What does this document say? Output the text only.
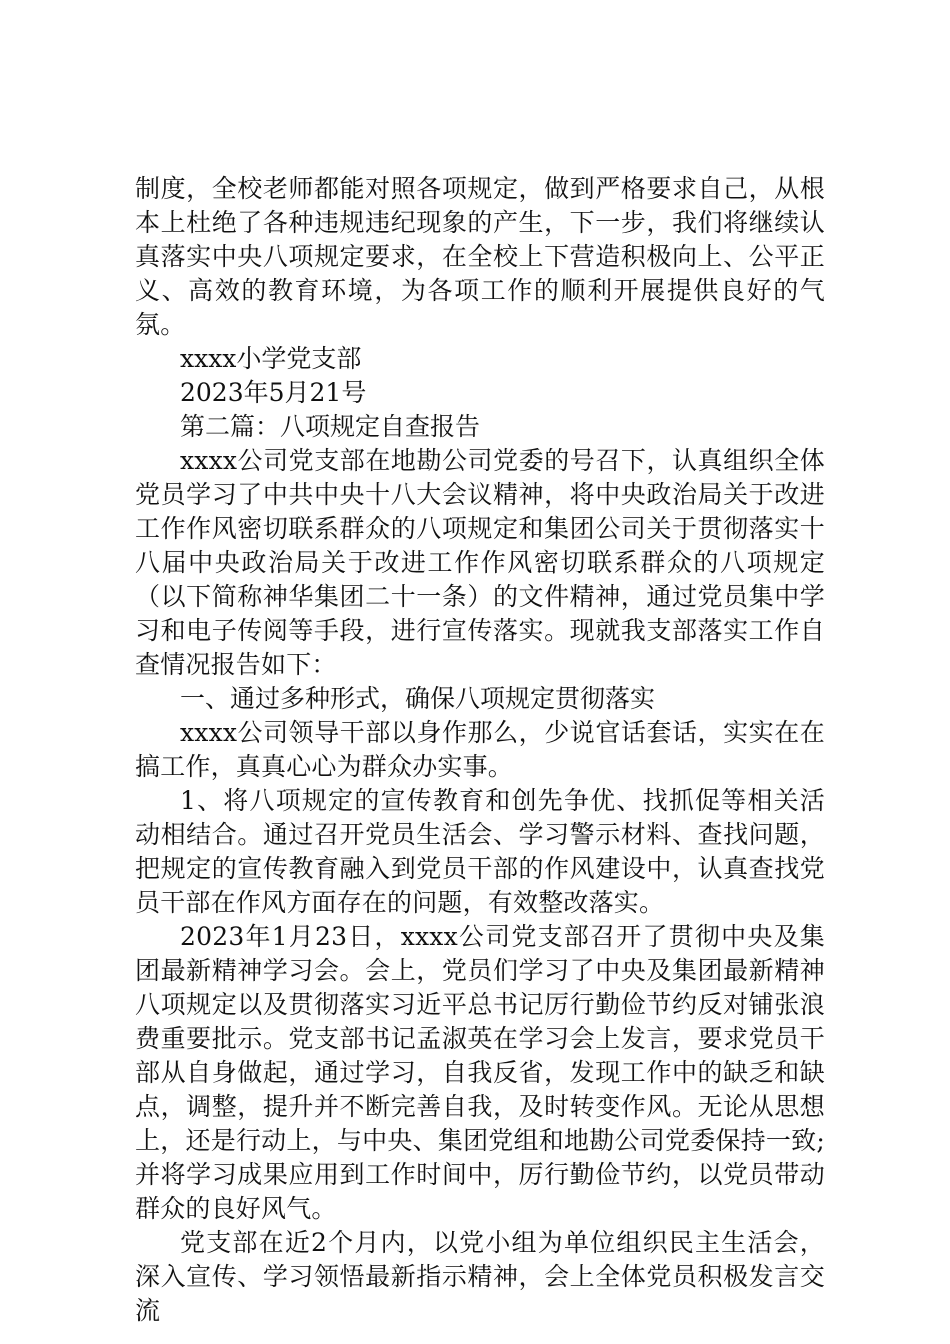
制度，全校老师都能对照各项规定，做到严格要求自己，从根本上杜绝了各种违规违纪现象的产生，下一步，我们将继续认真落实中央八项规定要求，在全校上下营造积极向上、公平正义、高效的教育环境，为各项工作的顺利开展提供良好的气氛。

xxxx小学党支部

2023年5月21号

第二篇：八项规定自查报告

xxxx公司党支部在地勘公司党委的号召下，认真组织全体党员学习了中共中央十八大会议精神，将中央政治局关于改进工作作风密切联系群众的八项规定和集团公司关于贯彻落实十八届中央政治局关于改进工作作风密切联系群众的八项规定（以下简称神华集团二十一条）的文件精神，通过党员集中学习和电子传阅等手段，进行宣传落实。现就我支部落实工作自查情况报告如下：

一、通过多种形式，确保八项规定贯彻落实

xxxx公司领导干部以身作那么，少说官话套话，实实在在搞工作，真真心心为群众办实事。

1、将八项规定的宣传教育和创先争优、找抓促等相关活动相结合。通过召开党员生活会、学习警示材料、查找问题，把规定的宣传教育融入到党员干部的作风建设中，认真查找党员干部在作风方面存在的问题，有效整改落实。

2023年1月23日，xxxx公司党支部召开了贯彻中央及集团最新精神学习会。会上，党员们学习了中央及集团最新精神八项规定以及贯彻落实习近平总书记厉行勤俭节约反对铺张浪费重要批示。党支部书记孟淑英在学习会上发言，要求党员干部从自身做起，通过学习，自我反省，发现工作中的缺乏和缺点，调整，提升并不断完善自我，及时转变作风。无论从思想上，还是行动上，与中央、集团党组和地勘公司党委保持一致;并将学习成果应用到工作时间中，厉行勤俭节约，以党员带动群众的良好风气。

党支部在近2个月内，以党小组为单位组织民主生活会，深入宣传、学习领悟最新指示精神，会上全体党员积极发言交流
